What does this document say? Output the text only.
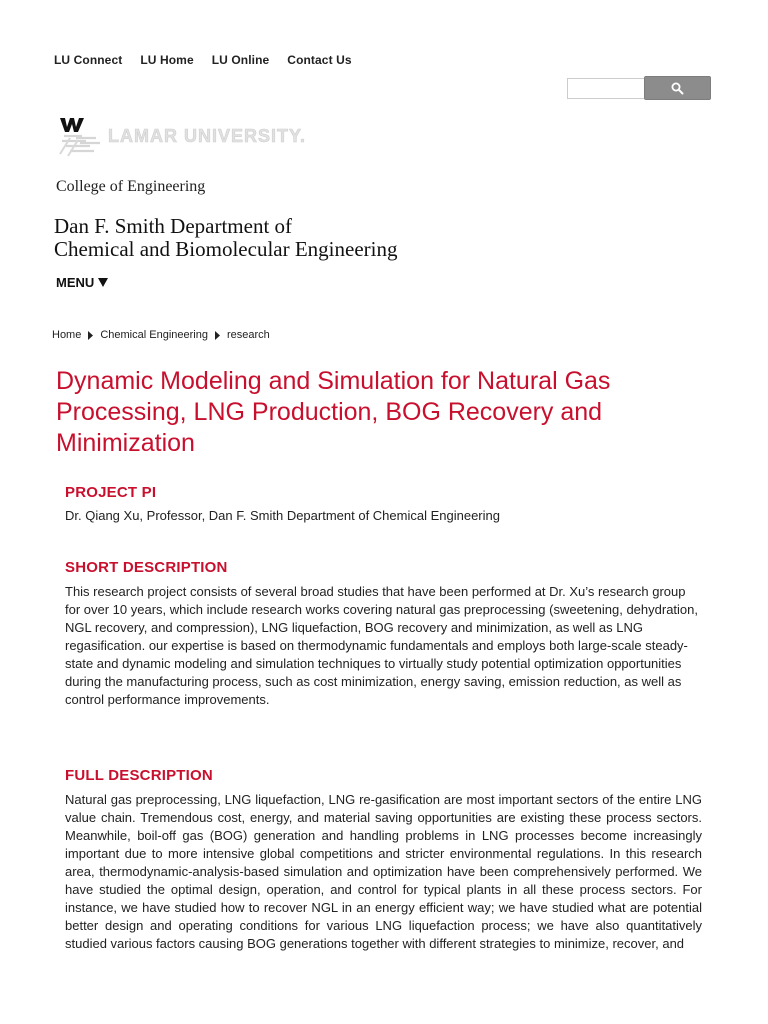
LU Connect LU Home LU Online Contact Us
LAMAR UNIVERSITY.
College of Engineering
Dan F. Smith Department of
Chemical and Biomolecular Engineering
MENU
Home Chemical Engineering research
Dynamic Modeling and Simulation for Natural Gas Processing, LNG Production, BOG Recovery and Minimization
PROJECT PI

Dr. Qiang Xu, Professor, Dan F. Smith Department of Chemical Engineering

SHORT DESCRIPTION

This research project consists of several broad studies that have been performed at Dr. Xu’s research group for over 10 years, which include research works covering natural gas preprocessing (sweetening, dehydration, NGL recovery, and compression), LNG liquefaction, BOG recovery and minimization, as well as LNG regasification. our expertise is based on thermodynamic fundamentals and employs both large-scale steady-state and dynamic modeling and simulation techniques to virtually study potential optimization opportunities during the manufacturing process, such as cost minimization, energy saving, emission reduction, as well as control performance improvements.

FULL DESCRIPTION

Natural gas preprocessing, LNG liquefaction, LNG re-gasification are most important sectors of the entire LNG value chain. Tremendous cost, energy, and material saving opportunities are existing these process sectors. Meanwhile, boil-off gas (BOG) generation and handling problems in LNG processes become increasingly important due to more intensive global competitions and stricter environmental regulations. In this research area, thermodynamic-analysis-based simulation and optimization have been comprehensively performed. We have studied the optimal design, operation, and control for typical plants in all these process sectors. For instance, we have studied how to recover NGL in an energy efficient way; we have studied what are potential better design and operating conditions for various LNG liquefaction process; we have also quantitatively studied various factors causing BOG generations together with different strategies to minimize, recover, and
